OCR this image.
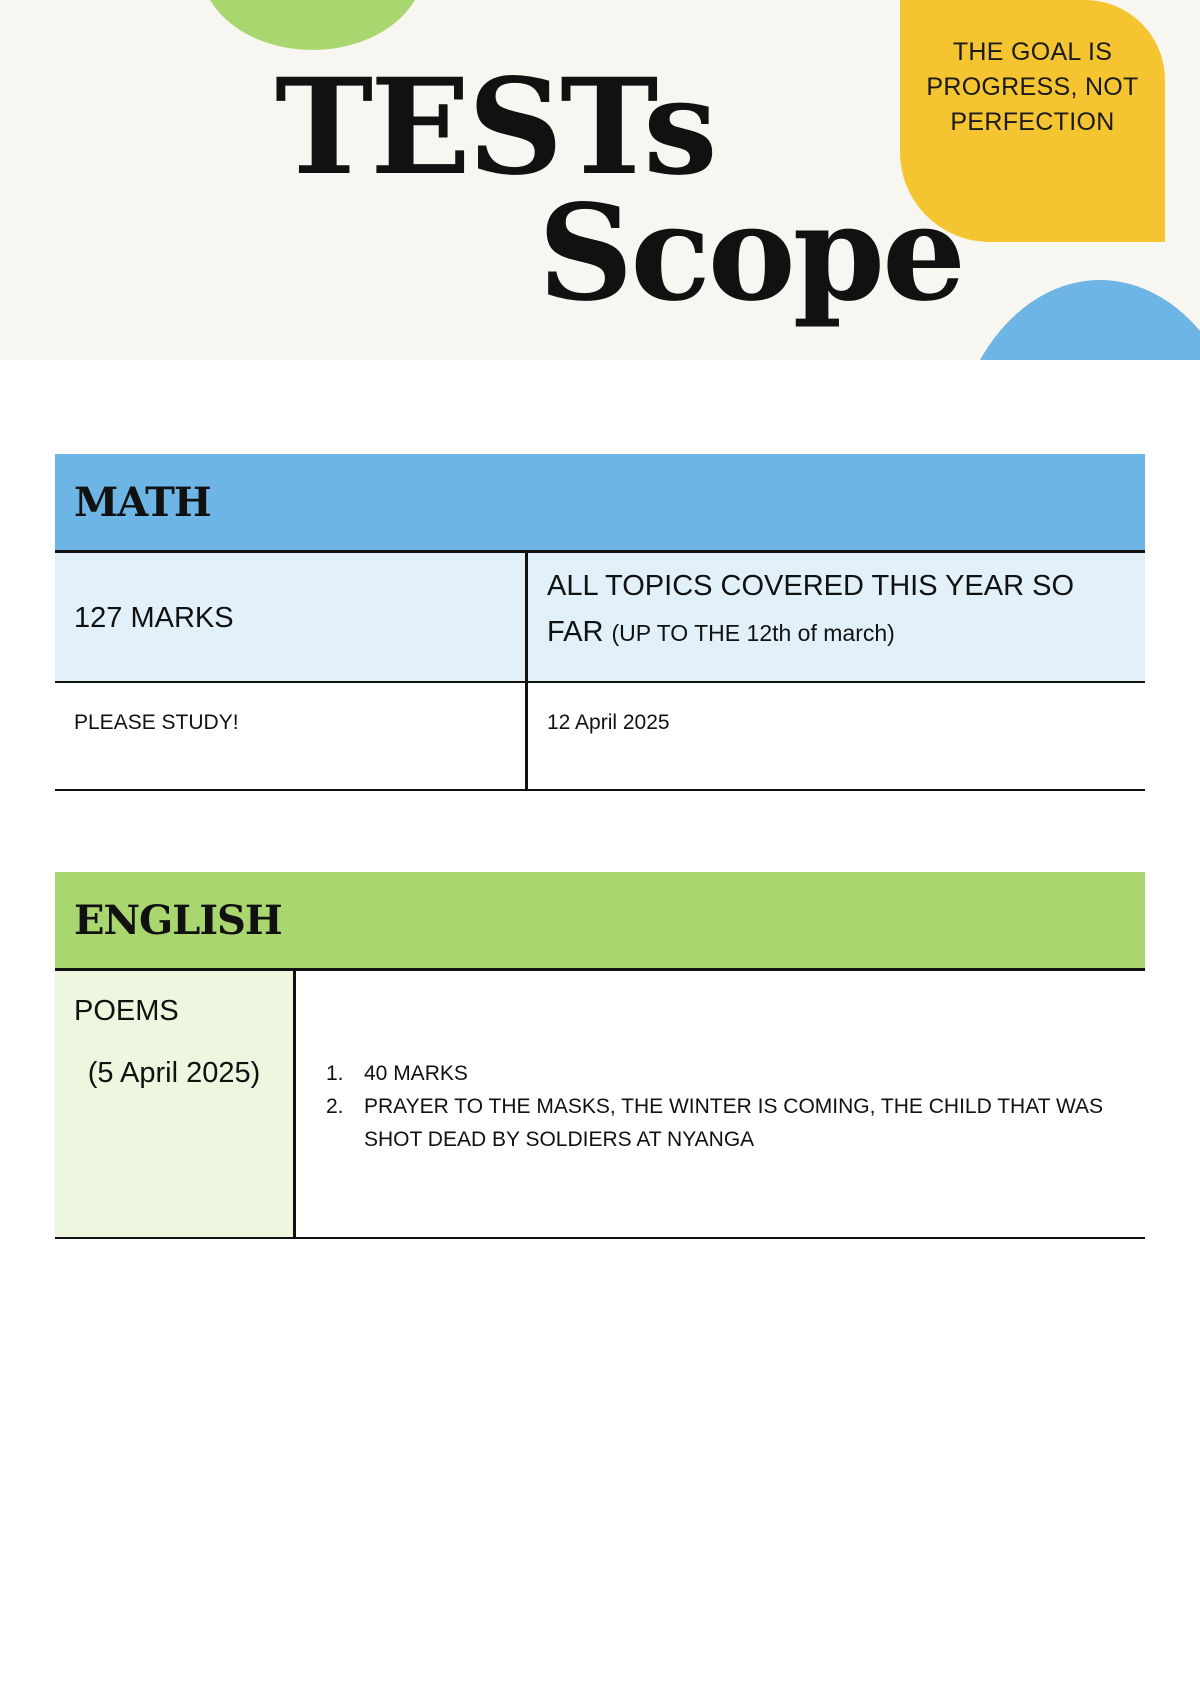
THE GOAL IS
PROGRESS, NOT
PERFECTION
TESTs
Scope
MATH
127 MARKS
ALL TOPICS COVERED THIS YEAR SO FAR (UP TO THE 12th of march)
PLEASE STUDY!	12 April 2025
ENGLISH
POEMS
(5 April 2025)	1. 40 MARKS
2. PRAYER TO THE MASKS, THE WINTER IS COMING, THE CHILD THAT WAS SHOT DEAD BY SOLDIERS AT NYANGA
